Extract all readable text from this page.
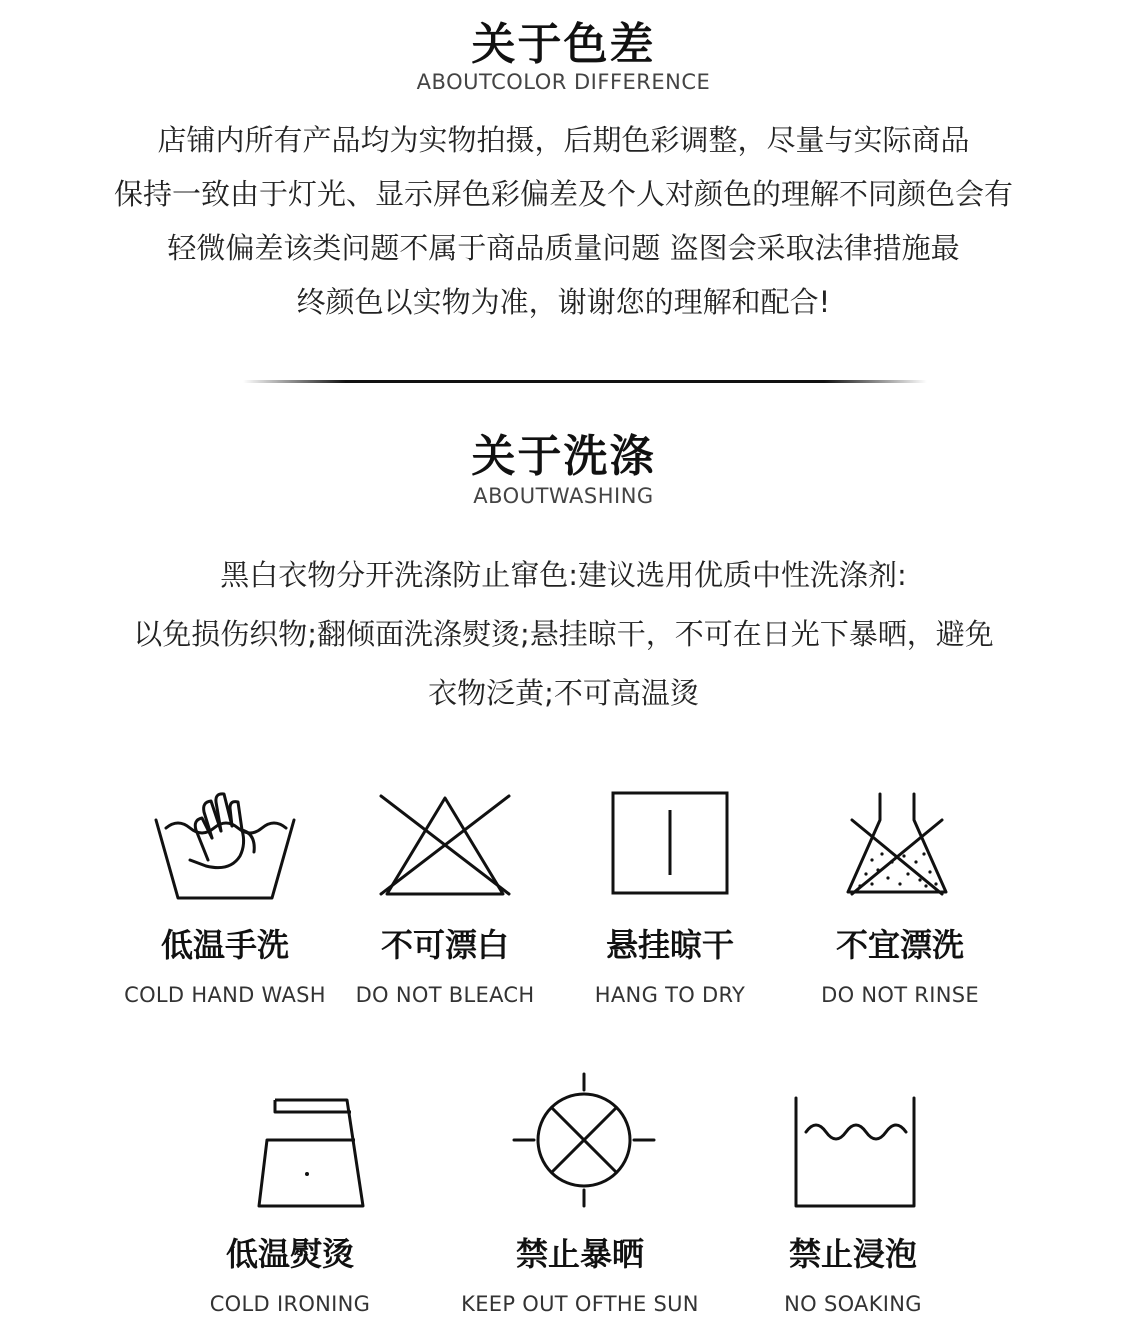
关于色差
ABOUTCOLOR DIFFERENCE
店铺内所有产品均为实物拍摄，后期色彩调整，尽量与实际商品
保持一致由于灯光、显示屏色彩偏差及个人对颜色的理解不同颜色会有
轻微偏差该类问题不属于商品质量问题 盗图会采取法律措施最
终颜色以实物为准，谢谢您的理解和配合!
关于洗涤
ABOUTWASHING
黑白衣物分开洗涤防止窜色:建议选用优质中性洗涤剂:
以免损伤织物;翻倾面洗涤熨烫;悬挂晾干，不可在日光下暴晒，避免
衣物泛黄;不可高温烫
低温手洗
COLD HAND WASH
不可漂白
DO NOT BLEACH
悬挂晾干
HANG TO DRY
不宜漂洗
DO NOT RINSE
低温熨烫
COLD IRONING
禁止暴晒
KEEP OUT OFTHE SUN
禁止浸泡
NO SOAKING
